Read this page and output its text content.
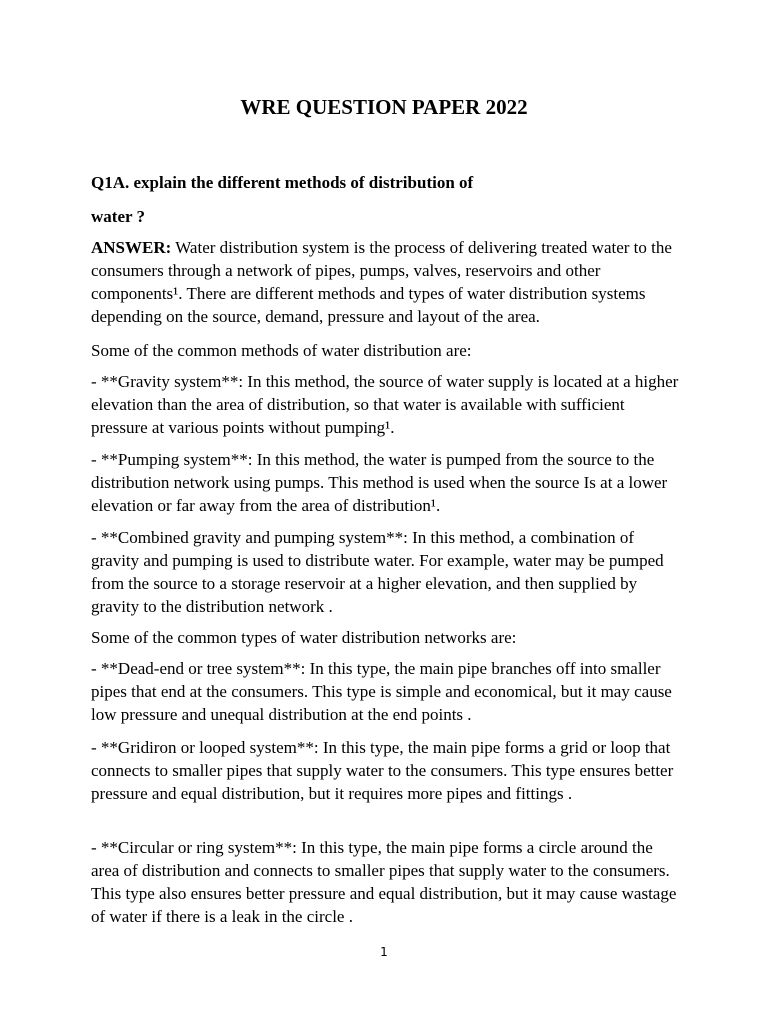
WRE QUESTION PAPER 2022
Q1A. explain the different methods of distribution of
water ?
ANSWER: Water distribution system is the process of delivering treated water to the consumers through a network of pipes, pumps, valves, reservoirs and other components¹. There are different methods and types of water distribution systems depending on the source, demand, pressure and layout of the area.
Some of the common methods of water distribution are:
- **Gravity system**: In this method, the source of water supply is located at a higher elevation than the area of distribution, so that water is available with sufficient pressure at various points without pumping¹.
- **Pumping system**: In this method, the water is pumped from the source to the distribution network using pumps. This method is used when the source Is at a lower elevation or far away from the area of distribution¹.
- **Combined gravity and pumping system**: In this method, a combination of gravity and pumping is used to distribute water. For example, water may be pumped from the source to a storage reservoir at a higher elevation, and then supplied by gravity to the distribution network .
Some of the common types of water distribution networks are:
- **Dead-end or tree system**: In this type, the main pipe branches off into smaller pipes that end at the consumers. This type is simple and economical, but it may cause low pressure and unequal distribution at the end points .
- **Gridiron or looped system**: In this type, the main pipe forms a grid or loop that connects to smaller pipes that supply water to the consumers. This type ensures better pressure and equal distribution, but it requires more pipes and fittings .
- **Circular or ring system**: In this type, the main pipe forms a circle around the area of distribution and connects to smaller pipes that supply water to the consumers. This type also ensures better pressure and equal distribution, but it may cause wastage of water if there is a leak in the circle .
1
